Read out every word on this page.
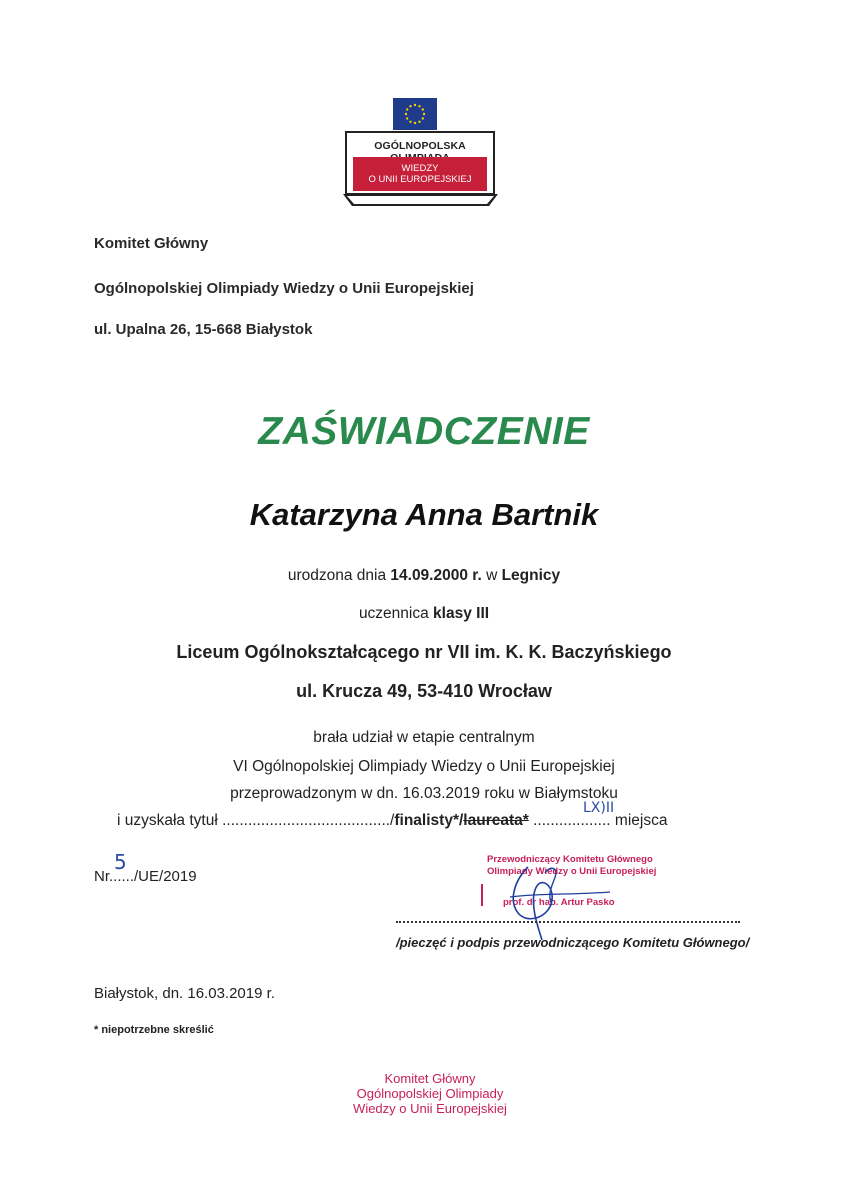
OGÓLNOPOLSKA
WIEDZY
O UNII EUROPEJSKIEJ
Komitet Główny
Ogólnopolskiej Olimpiady Wiedzy o Unii Europejskiej
ul. Upalna 26, 15-668 Białystok
ZAŚWIADCZENIE
Katarzyna Anna Bartnik
urodzona dnia 14.09.2000 r. w Legnicy
uczennica klasy III
Liceum Ogólnokształcącego nr VII im. K. K. Baczyńskiego
ul. Krucza 49, 53-410 Wrocław
brała udział w etapie centralnym
VI Ogólnopolskiej Olimpiady Wiedzy o Unii Europejskiej
przeprowadzonym w dn. 16.03.2019 roku w Białymstoku
i uzyskała tytuł ......................................./finalisty*/laureata* .................. miejsca
LX)II
Nr....../UE/2019
5	Przewodniczący Komitetu Głównego
Olimpiady Wiedzy o Unii Europejskiej
prof. dr hab. Artur Pasko
/pieczęć i podpis przewodniczącego Komitetu Głównego/
Białystok, dn. 16.03.2019 r.
* niepotrzebne skreślić
Komitet Główny
Ogólnopolskiej Olimpiady
Wiedzy o Unii Europejskiej
